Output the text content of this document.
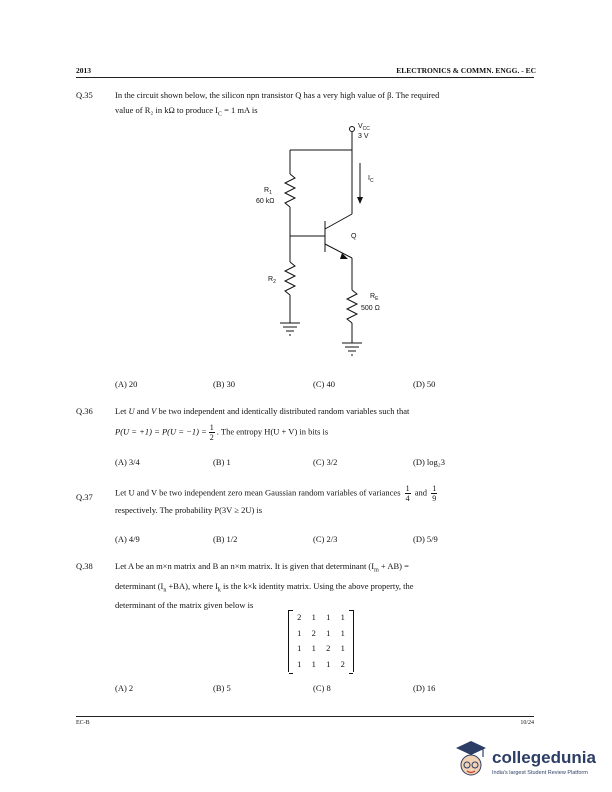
2013	ELECTRONICS & COMMN. ENGG. - EC
Q.35	In the circuit shown below, the silicon npn transistor Q has a very high value of β. The required
value of R₂ in kΩ to produce $I_C = 1$ mA is
$V_{CC}$
3 V
$R_1$
60 kΩ
$R_2$
$I_C$
Q
$R_E$
500 Ω
(A) 20	(B) 30	(C) 40	(D) 50
Q.36	Let U and V be two independent and identically distributed random variables such that
$P(U = +1) = P(U = -1) = \frac{1}{2}$ . The entropy H(U + V) in bits is
(A) 3/4	(B) 1	(C) 3/2	(D) log₂3
Q.37	Let U and V be two independent zero mean Gaussian random variables of variances $\frac{1}{4}$ and $\frac{1}{9}$
respectively. The probability P(3V ≥ 2U) is
(A) 4/9	(B) 1/2	(C) 2/3	(D) 5/9
Q.38	Let A be an m×n matrix and B an n×m matrix. It is given that determinant $(I_m + AB)$ =
determinant $(I_n +BA)$, where $I_k$ is the k×k identity matrix. Using the above property, the
determinant of the matrix given below is
2 1 1 1
1 2 1 1
1 1 2 1
1 1 1 2
(A) 2	(B) 5	(C) 8	(D) 16
EC-B	10/24
collegedunia
India's largest Student Review Platform
